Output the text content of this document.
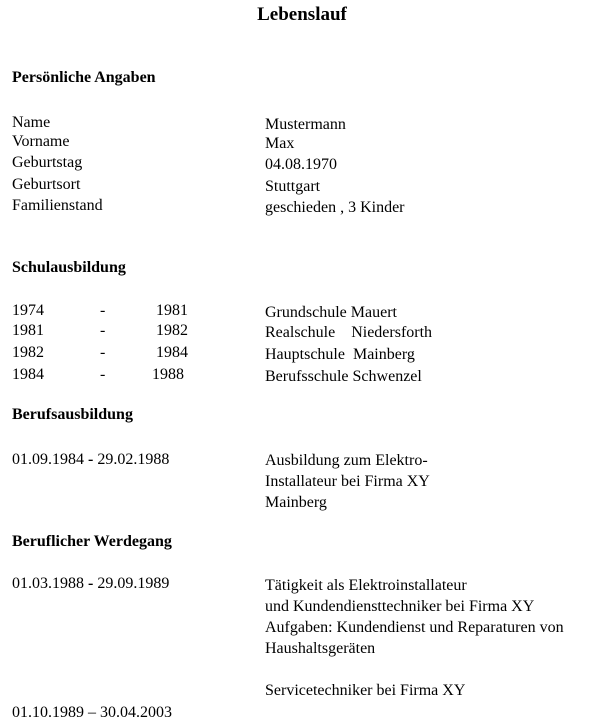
Lebenslauf
Persönliche Angaben
Name	Mustermann
Vorname	Max
Geburtstag	04.08.1970
Geburtsort	Stuttgart
Familienstand	geschieden , 3 Kinder
Schulausbildung
1974	-	1981	Grundschule Mauert
1981	-	1982	Realschule    Niedersforth
1982	-	1984	Hauptschule  Mainberg
1984	-	1988	Berufsschule Schwenzel
Berufsausbildung
01.09.1984 - 29.02.1988	Ausbildung zum Elektro-
Installateur bei Firma XY
Mainberg
Beruflicher Werdegang
01.03.1988 - 29.09.1989	Tätigkeit als Elektroinstallateur
und Kundendiensttechniker bei Firma XY
Aufgaben: Kundendienst und Reparaturen von
Haushaltsgeräten
Servicetechniker bei Firma XY
01.10.1989 – 30.04.2003
